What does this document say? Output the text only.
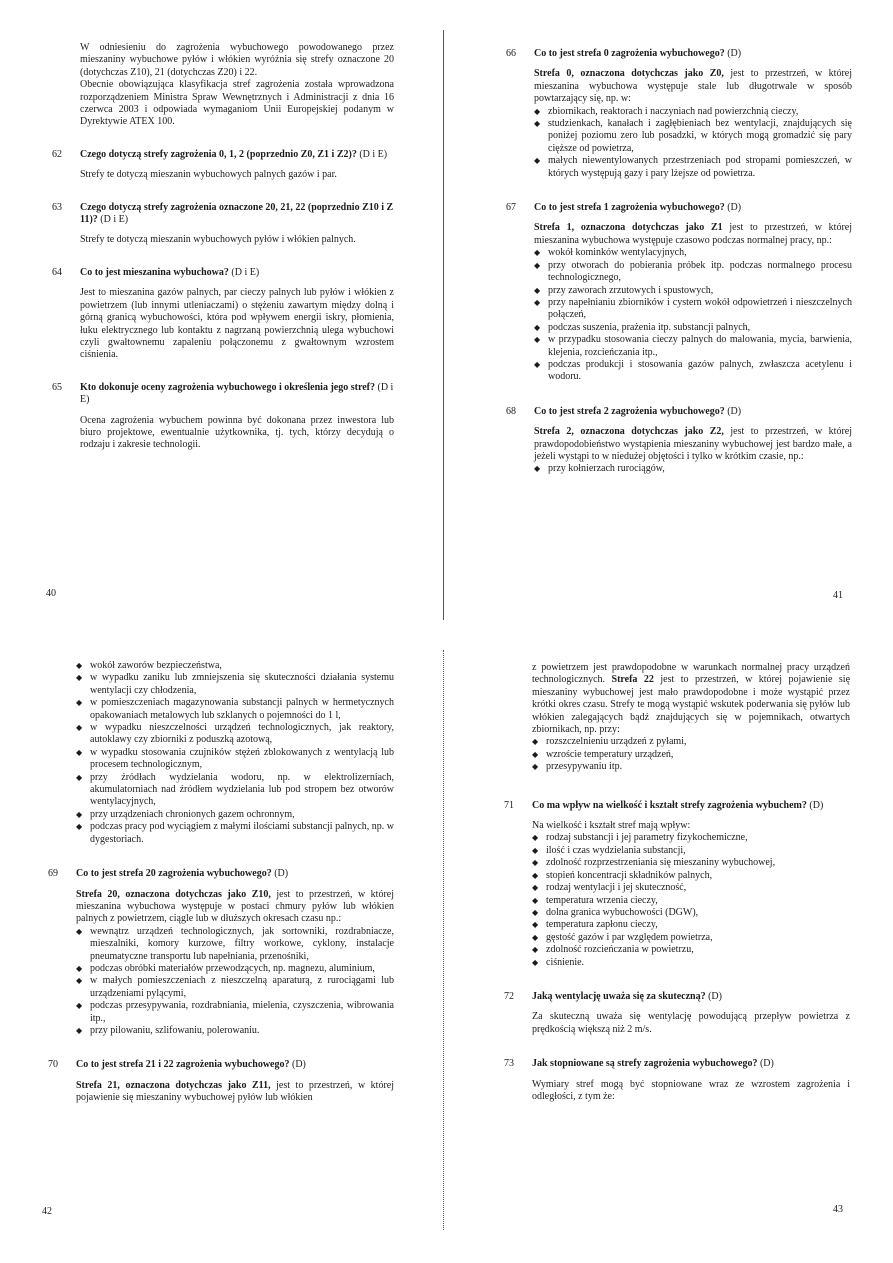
W odniesieniu do zagrożenia wybuchowego powodowanego przez mieszaniny wybuchowe pyłów i włókien wyróżnia się strefy oznaczone 20 (dotychczas Z10), 21 (dotychczas Z20) i 22.

Obecnie obowiązująca klasyfikacja stref zagrożenia została wprowadzona rozporządzeniem Ministra Spraw Wewnętrznych i Administracji z dnia 16 czerwca 2003 i odpowiada wymaganiom Unii Europejskiej podanym w Dyrektywie ATEX 100.

62	Czego dotyczą strefy zagrożenia 0, 1, 2 (poprzednio Z0, Z1 i Z2)? (D i E)

Strefy te dotyczą mieszanin wybuchowych palnych gazów i par.

63	Czego dotyczą strefy zagrożenia oznaczone 20, 21, 22 (poprzednio Z10 i Z 11)? (D i E)

Strefy te dotyczą mieszanin wybuchowych pyłów i włókien palnych.

64	Co to jest mieszanina wybuchowa? (D i E)

Jest to mieszanina gazów palnych, par cieczy palnych lub pyłów i włókien z powietrzem (lub innymi utleniaczami) o stężeniu zawartym między dolną i górną granicą wybuchowości, która pod wpływem energii iskry, płomienia, łuku elektrycznego lub kontaktu z nagrzaną powierzchnią ulega wybuchowi czyli gwałtownemu zapaleniu połączonemu z gwałtownym wzrostem ciśnienia.

65	Kto dokonuje oceny zagrożenia wybuchowego i określenia jego stref? (D i E)

Ocena zagrożenia wybuchem powinna być dokonana przez inwestora lub biuro projektowe, ewentualnie użytkownika, tj. tych, którzy decydują o rodzaju i zakresie technologii.

40
66	Co to jest strefa 0 zagrożenia wybuchowego? (D)

Strefa 0, oznaczona dotychczas jako Z0, jest to przestrzeń, w której mieszanina wybuchowa występuje stale lub długotrwale w sposób powtarzający się, np. w:

◆ zbiornikach, reaktorach i naczyniach nad powierzchnią cieczy,
◆ studzienkach, kanałach i zagłębieniach bez wentylacji, znajdujących się poniżej poziomu zero lub posadzki, w których mogą gromadzić się pary cięższe od powietrza,
◆ małych niewentylowanych przestrzeniach pod stropami pomieszczeń, w których występują gazy i pary lżejsze od powietrza.
67	Co to jest strefa 1 zagrożenia wybuchowego? (D)

Strefa 1, oznaczona dotychczas jako Z1 jest to przestrzeń, w której mieszanina wybuchowa występuje czasowo podczas normalnej pracy, np.:

◆ wokół kominków wentylacyjnych,
◆ przy otworach do pobierania próbek itp. podczas normalnego procesu technologicznego,
◆ przy zaworach zrzutowych i spustowych,
◆ przy napełnianiu zbiorników i cystern wokół odpowietrzeń i nieszczelnych połączeń,
◆ podczas suszenia, prażenia itp. substancji palnych,
◆ w przypadku stosowania cieczy palnych do malowania, mycia, barwienia, klejenia, rozcieńczania itp.,
◆ podczas produkcji i stosowania gazów palnych, zwłaszcza acetylenu i wodoru.
68	Co to jest strefa 2 zagrożenia wybuchowego? (D)

Strefa 2, oznaczona dotychczas jako Z2, jest to przestrzeń, w której prawdopodobieństwo wystąpienia mieszaniny wybuchowej jest bardzo małe, a jeżeli wystąpi to w niedużej objętości i tylko w krótkim czasie, np.:

◆ przy kołnierzach rurociągów,
41
◆ wokół zaworów bezpieczeństwa,
◆ w wypadku zaniku lub zmniejszenia się skuteczności działania systemu wentylacji czy chłodzenia,
◆ w pomieszczeniach magazynowania substancji palnych w hermetycznych opakowaniach metalowych lub szklanych o pojemności do 1 l,
◆ w wypadku nieszczelności urządzeń technologicznych, jak reaktory, autoklawy czy zbiorniki z poduszką azotową,
◆ w wypadku stosowania czujników stężeń zblokowanych z wentylacją lub procesem technologicznym,
◆ przy źródłach wydzielania wodoru, np. w elektrolizerniach, akumulatorniach nad źródłem wydzielania lub pod stropem bez otworów wentylacyjnych,
◆ przy urządzeniach chronionych gazem ochronnym,
◆ podczas pracy pod wyciągiem z małymi ilościami substancji palnych, np. w dygestoriach.
69	Co to jest strefa 20 zagrożenia wybuchowego? (D)

Strefa 20, oznaczona dotychczas jako Z10, jest to przestrzeń, w której mieszanina wybuchowa występuje w postaci chmury pyłów lub włókien palnych z powietrzem, ciągle lub w dłuższych okresach czasu np.:

◆ wewnątrz urządzeń technologicznych, jak sortowniki, rozdrabniacze, mieszalniki, komory kurzowe, filtry workowe, cyklony, instalacje pneumatyczne transportu lub napełniania, przenośniki,
◆ podczas obróbki materiałów przewodzących, np. magnezu, aluminium,
◆ w małych pomieszczeniach z nieszczelną aparaturą, z rurociągami lub urządzeniami pylącymi,
◆ podczas przesypywania, rozdrabniania, mielenia, czyszczenia, wibrowania itp.,
◆ przy pilowaniu, szlifowaniu, polerowaniu.
70	Co to jest strefa 21 i 22 zagrożenia wybuchowego? (D)

Strefa 21, oznaczona dotychczas jako Z11, jest to przestrzeń, w której pojawienie się mieszaniny wybuchowej pyłów lub włókien

42

z powietrzem jest prawdopodobne w warunkach normalnej pracy urządzeń technologicznych. Strefa 22 jest to przestrzeń, w której pojawienie się mieszaniny wybuchowej jest mało prawdopodobne i może wystąpić przez krótki okres czasu. Strefy te mogą wystąpić wskutek poderwania się pyłów lub włókien zalegających bądź znajdujących się w pojemnikach, otwartych zbiornikach, np. przy:

◆ rozszczelnieniu urządzeń z pyłami,
◆ wzroście temperatury urządzeń,
◆ przesypywaniu itp.
71	Co ma wpływ na wielkość i kształt strefy zagrożenia wybuchem? (D)

Na wielkość i kształt stref mają wpływ:

◆ rodzaj substancji i jej parametry fizykochemiczne,
◆ ilość i czas wydzielania substancji,
◆ zdolność rozprzestrzeniania się mieszaniny wybuchowej,
◆ stopień koncentracji składników palnych,
◆ rodzaj wentylacji i jej skuteczność,
◆ temperatura wrzenia cieczy,
◆ dolna granica wybuchowości (DGW),
◆ temperatura zapłonu cieczy,
◆ gęstość gazów i par względem powietrza,
◆ zdolność rozcieńczania w powietrzu,
◆ ciśnienie.
72	Jaką wentylację uważa się za skuteczną? (D)

Za skuteczną uważa się wentylację powodującą przepływ powietrza z prędkością większą niż 2 m/s.

73	Jak stopniowane są strefy zagrożenia wybuchowego? (D)

Wymiary stref mogą być stopniowane wraz ze wzrostem zagrożenia i odległości, z tym że:

43
